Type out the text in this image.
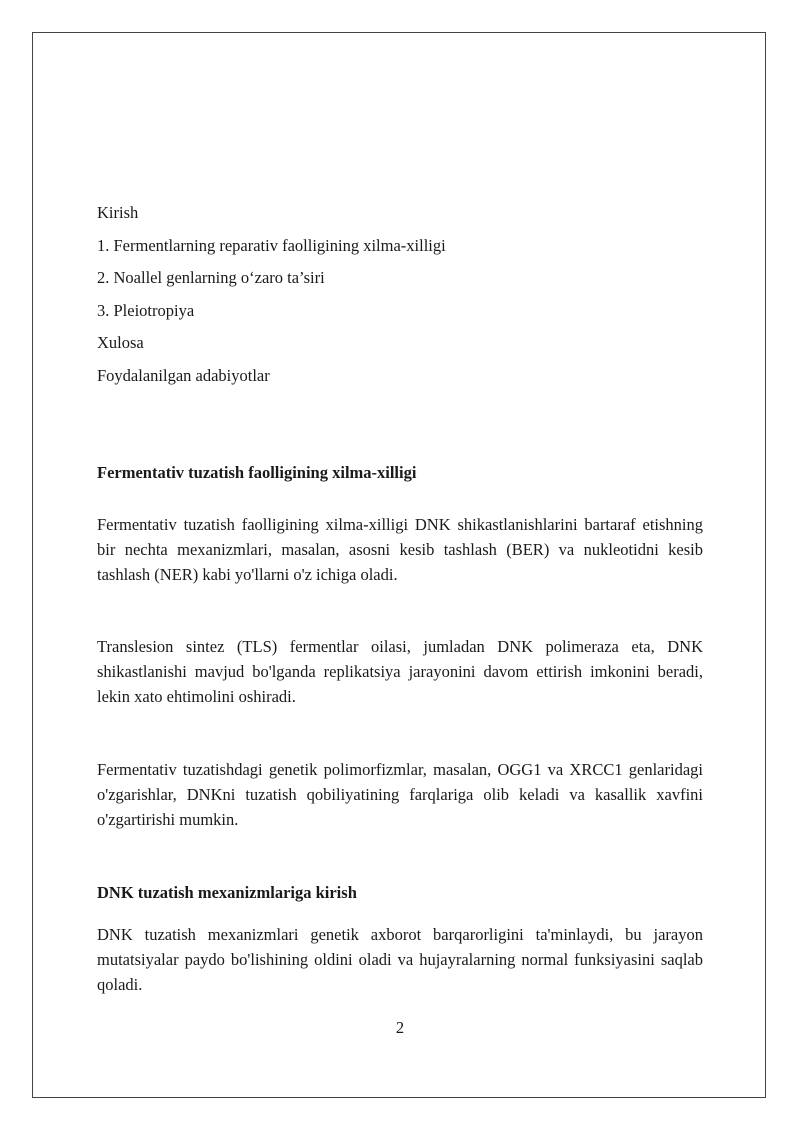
Kirish
1. Fermentlarning reparativ faolligining xilma-xilligi
2. Noallel genlarning o‘zaro ta’siri
3. Pleiotropiya
Xulosa
Foydalanilgan adabiyotlar
Fermentativ tuzatish faolligining xilma-xilligi

Fermentativ tuzatish faolligining xilma-xilligi DNK shikastlanishlarini bartaraf etishning bir nechta mexanizmlari, masalan, asosni kesib tashlash (BER) va nukleotidni kesib tashlash (NER) kabi yo'llarni o'z ichiga oladi.

Translesion sintez (TLS) fermentlar oilasi, jumladan DNK polimeraza eta, DNK shikastlanishi mavjud bo'lganda replikatsiya jarayonini davom ettirish imkonini beradi, lekin xato ehtimolini oshiradi.

Fermentativ tuzatishdagi genetik polimorfizmlar, masalan, OGG1 va XRCC1 genlaridagi o'zgarishlar, DNKni tuzatish qobiliyatining farqlariga olib keladi va kasallik xavfini o'zgartirishi mumkin.

DNK tuzatish mexanizmlariga kirish

DNK tuzatish mexanizmlari genetik axborot barqarorligini ta'minlaydi, bu jarayon mutatsiyalar paydo bo'lishining oldini oladi va hujayralarning normal funksiyasini saqlab qoladi.

2
